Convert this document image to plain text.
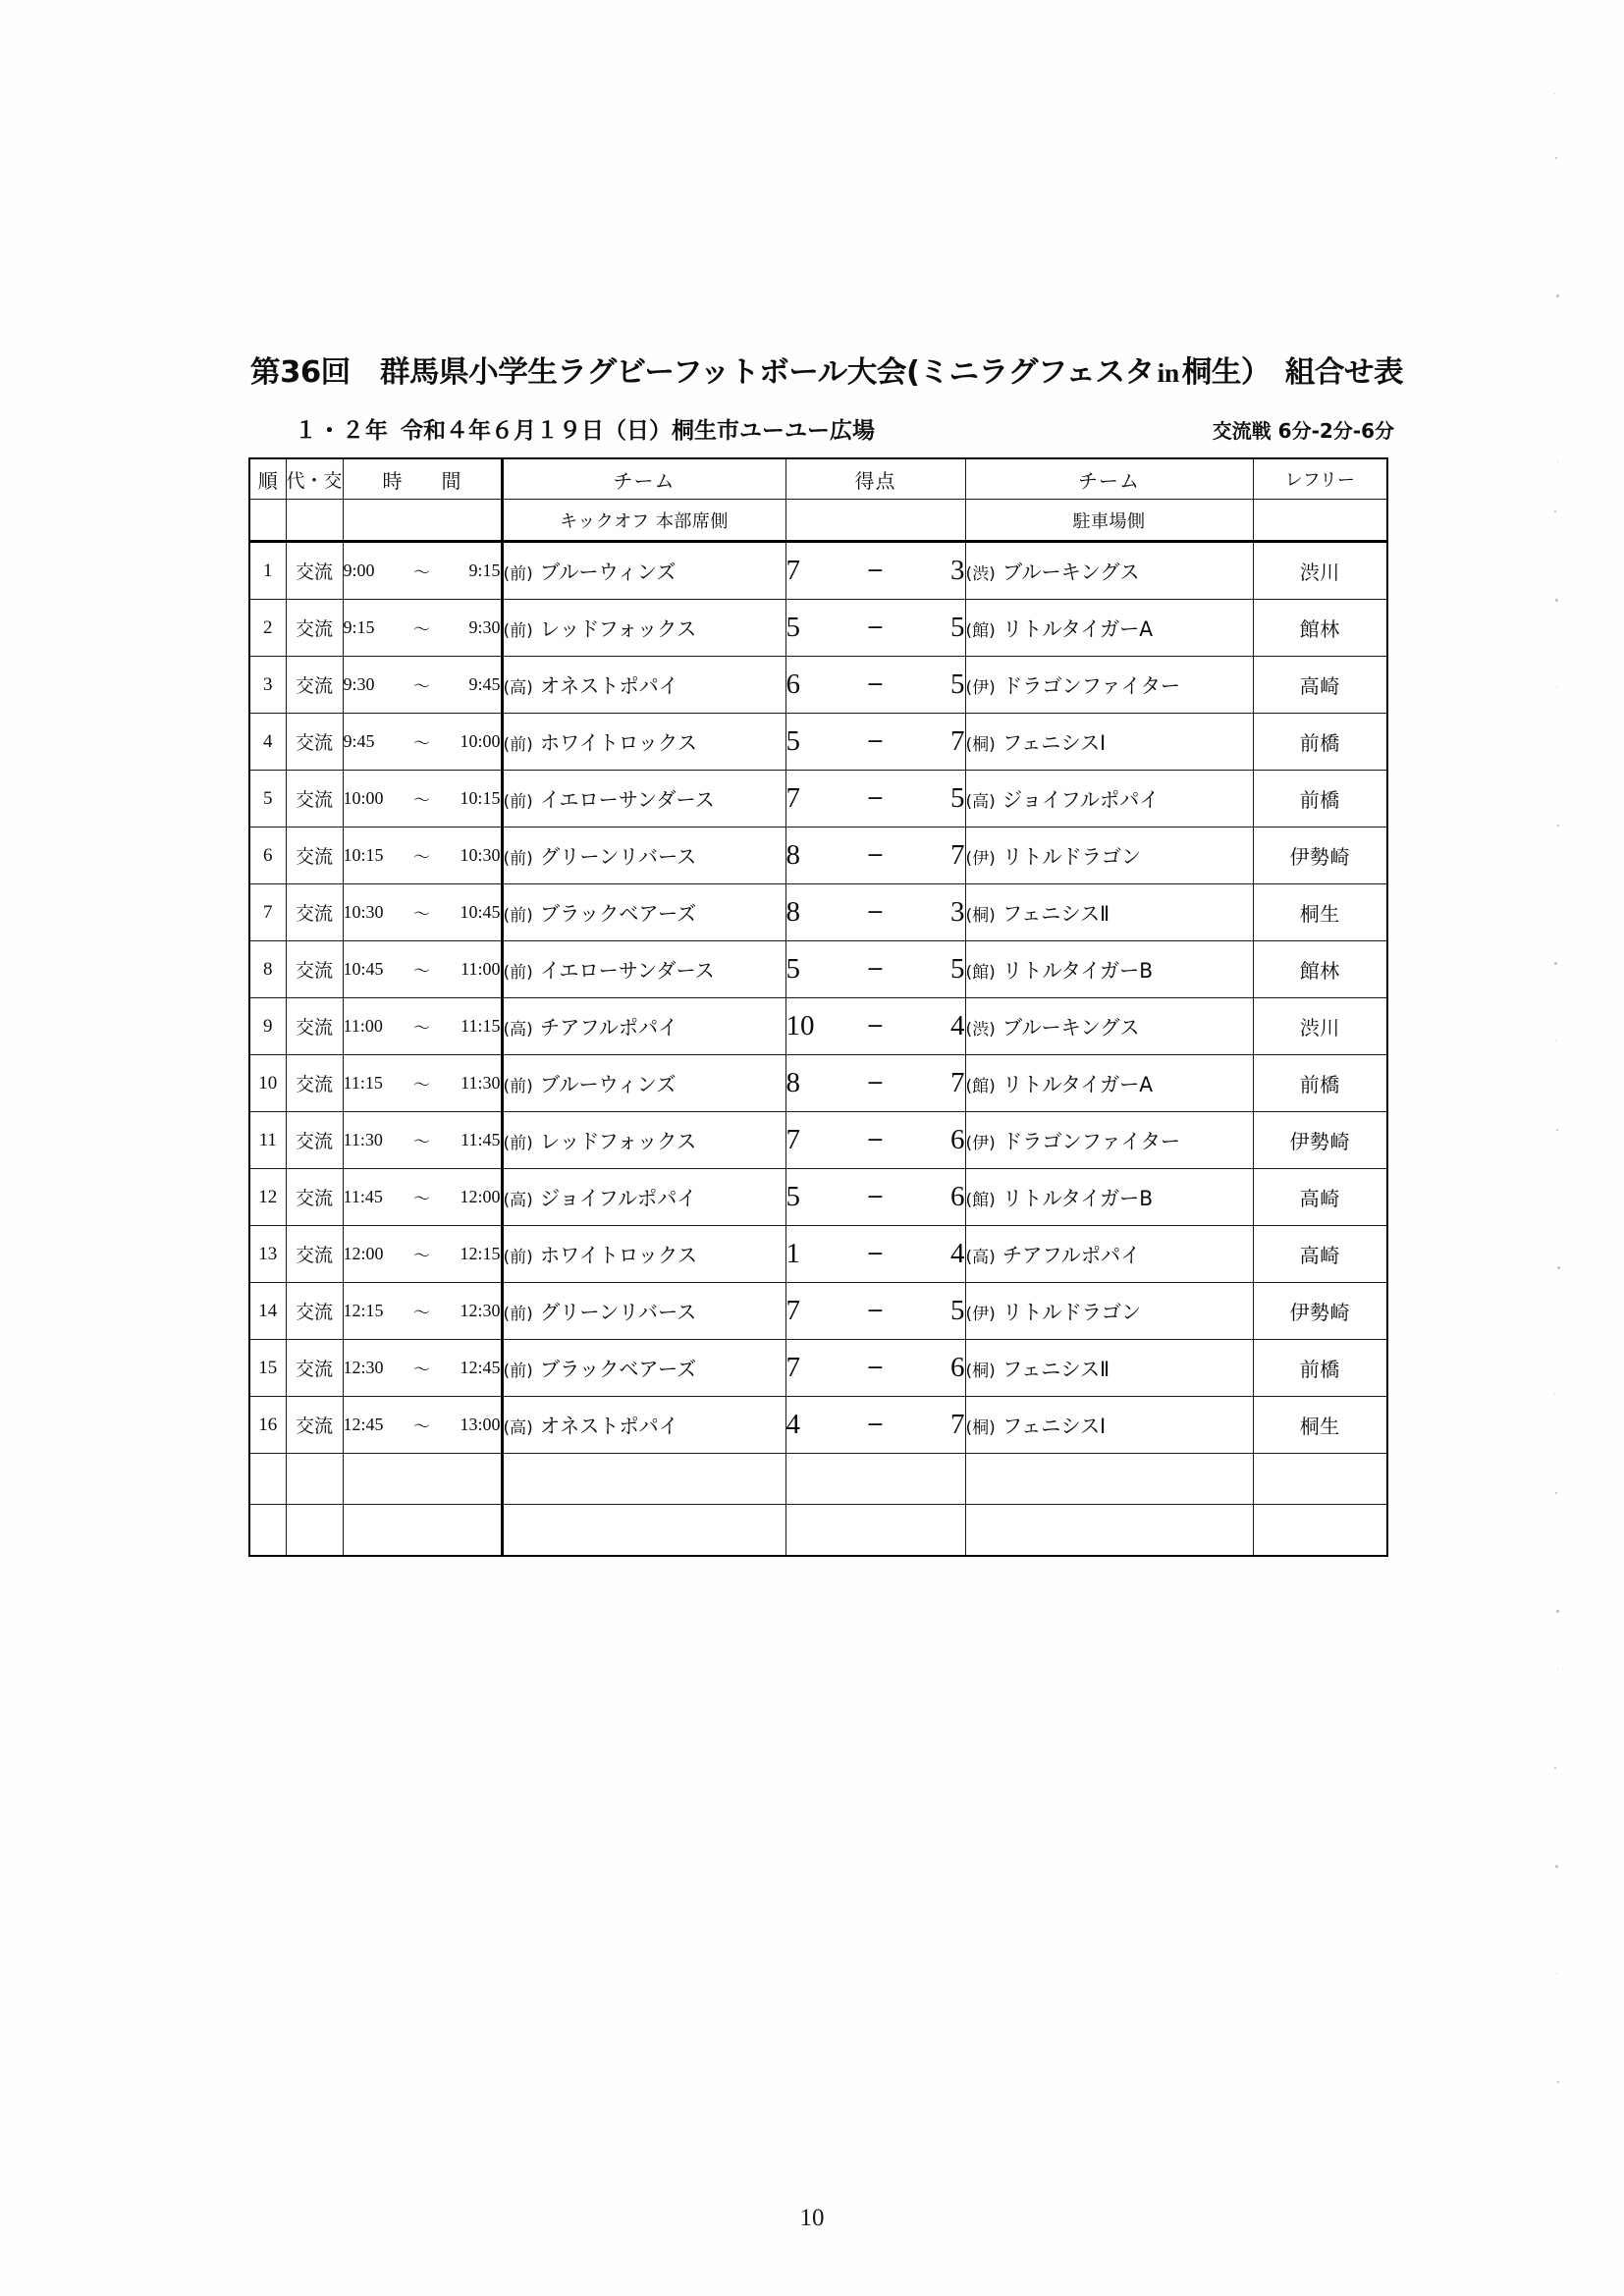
第36回　群馬県小学生ラグビーフットボール大会(ミニラグフェスタ in 桐生）　組合せ表
１・２年 令和４年６月１９日（日）桐生市ユーユー広場	交流戦 6分-2分-6分
順	代・交	時　間	チーム	得点	チーム	レフリー
			キックオフ 本部席側		駐車場側	
1	交流	9:00 〜 9:15	(前) ブルーウィンズ	7 − 3	(渋) ブルーキングス	渋川
2	交流	9:15 〜 9:30	(前) レッドフォックス	5 − 5	(館) リトルタイガーA	館林
3	交流	9:30 〜 9:45	(高) オネストポパイ	6 − 5	(伊) ドラゴンファイター	高崎
4	交流	9:45 〜 10:00	(前) ホワイトロックス	5 − 7	(桐) フェニシスⅠ	前橋
5	交流	10:00 〜 10:15	(前) イエローサンダース	7 − 5	(高) ジョイフルポパイ	前橋
6	交流	10:15 〜 10:30	(前) グリーンリバース	8 − 7	(伊) リトルドラゴン	伊勢崎
7	交流	10:30 〜 10:45	(前) ブラックベアーズ	8 − 3	(桐) フェニシスⅡ	桐生
8	交流	10:45 〜 11:00	(前) イエローサンダース	5 − 5	(館) リトルタイガーB	館林
9	交流	11:00 〜 11:15	(高) チアフルポパイ	10 − 4	(渋) ブルーキングス	渋川
10	交流	11:15 〜 11:30	(前) ブルーウィンズ	8 − 7	(館) リトルタイガーA	前橋
11	交流	11:30 〜 11:45	(前) レッドフォックス	7 − 6	(伊) ドラゴンファイター	伊勢崎
12	交流	11:45 〜 12:00	(高) ジョイフルポパイ	5 − 6	(館) リトルタイガーB	高崎
13	交流	12:00 〜 12:15	(前) ホワイトロックス	1 − 4	(高) チアフルポパイ	高崎
14	交流	12:15 〜 12:30	(前) グリーンリバース	7 − 5	(伊) リトルドラゴン	伊勢崎
15	交流	12:30 〜 12:45	(前) ブラックベアーズ	7 − 6	(桐) フェニシスⅡ	前橋
16	交流	12:45 〜 13:00	(高) オネストポパイ	4 − 7	(桐) フェニシスⅠ	桐生

10
